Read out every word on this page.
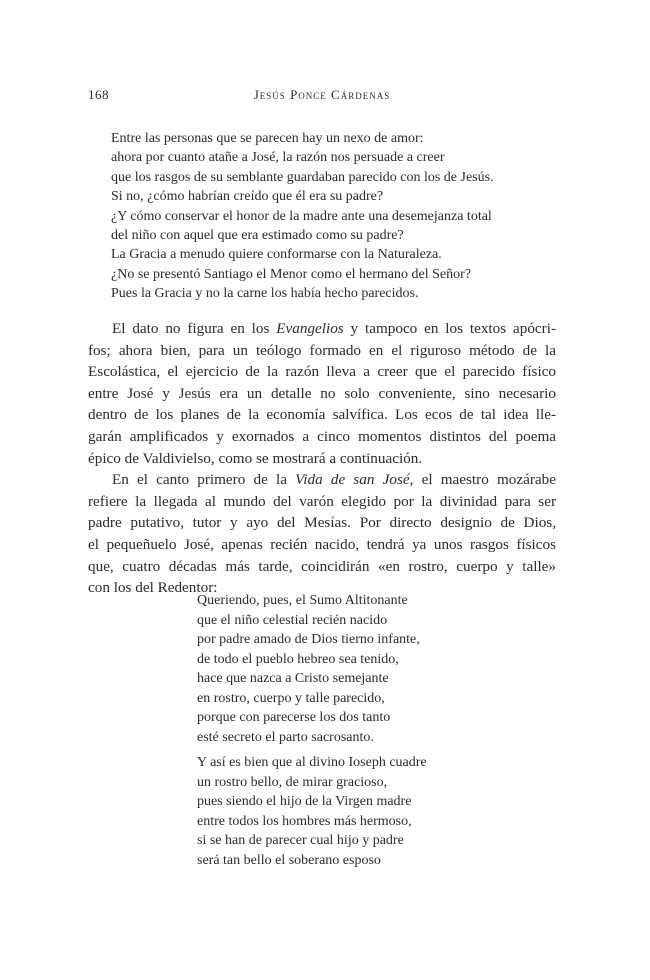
168	Jesús Ponce Cárdenas
Entre las personas que se parecen hay un nexo de amor:
ahora por cuanto atañe a José, la razón nos persuade a creer
que los rasgos de su semblante guardaban parecido con los de Jesús.
Si no, ¿cómo habrían creído que él era su padre?
¿Y cómo conservar el honor de la madre ante una desemejanza total
del niño con aquel que era estimado como su padre?
La Gracia a menudo quiere conformarse con la Naturaleza.
¿No se presentó Santiago el Menor como el hermano del Señor?
Pues la Gracia y no la carne los había hecho parecidos.
El dato no figura en los Evangelios y tampoco en los textos apócri-
fos; ahora bien, para un teólogo formado en el riguroso método de la
Escolástica, el ejercicio de la razón lleva a creer que el parecido físico
entre José y Jesús era un detalle no solo conveniente, sino necesario
dentro de los planes de la economía salvífica. Los ecos de tal idea lle-
garán amplificados y exornados a cinco momentos distintos del poema
épico de Valdivielso, como se mostrará a continuación.
En el canto primero de la Vida de san José, el maestro mozárabe
refiere la llegada al mundo del varón elegido por la divinidad para ser
padre putativo, tutor y ayo del Mesías. Por directo designio de Dios,
el pequeñuelo José, apenas recién nacido, tendrá ya unos rasgos físicos
que, cuatro décadas más tarde, coincidirán «en rostro, cuerpo y talle»
con los del Redentor:
Queriendo, pues, el Sumo Altitonante
que el niño celestial recién nacido
por padre amado de Dios tierno infante,
de todo el pueblo hebreo sea tenido,
hace que nazca a Cristo semejante
en rostro, cuerpo y talle parecido,
porque con parecerse los dos tanto
esté secreto el parto sacrosanto.
Y así es bien que al divino Ioseph cuadre
un rostro bello, de mirar gracioso,
pues siendo el hijo de la Virgen madre
entre todos los hombres más hermoso,
si se han de parecer cual hijo y padre
será tan bello el soberano esposo
